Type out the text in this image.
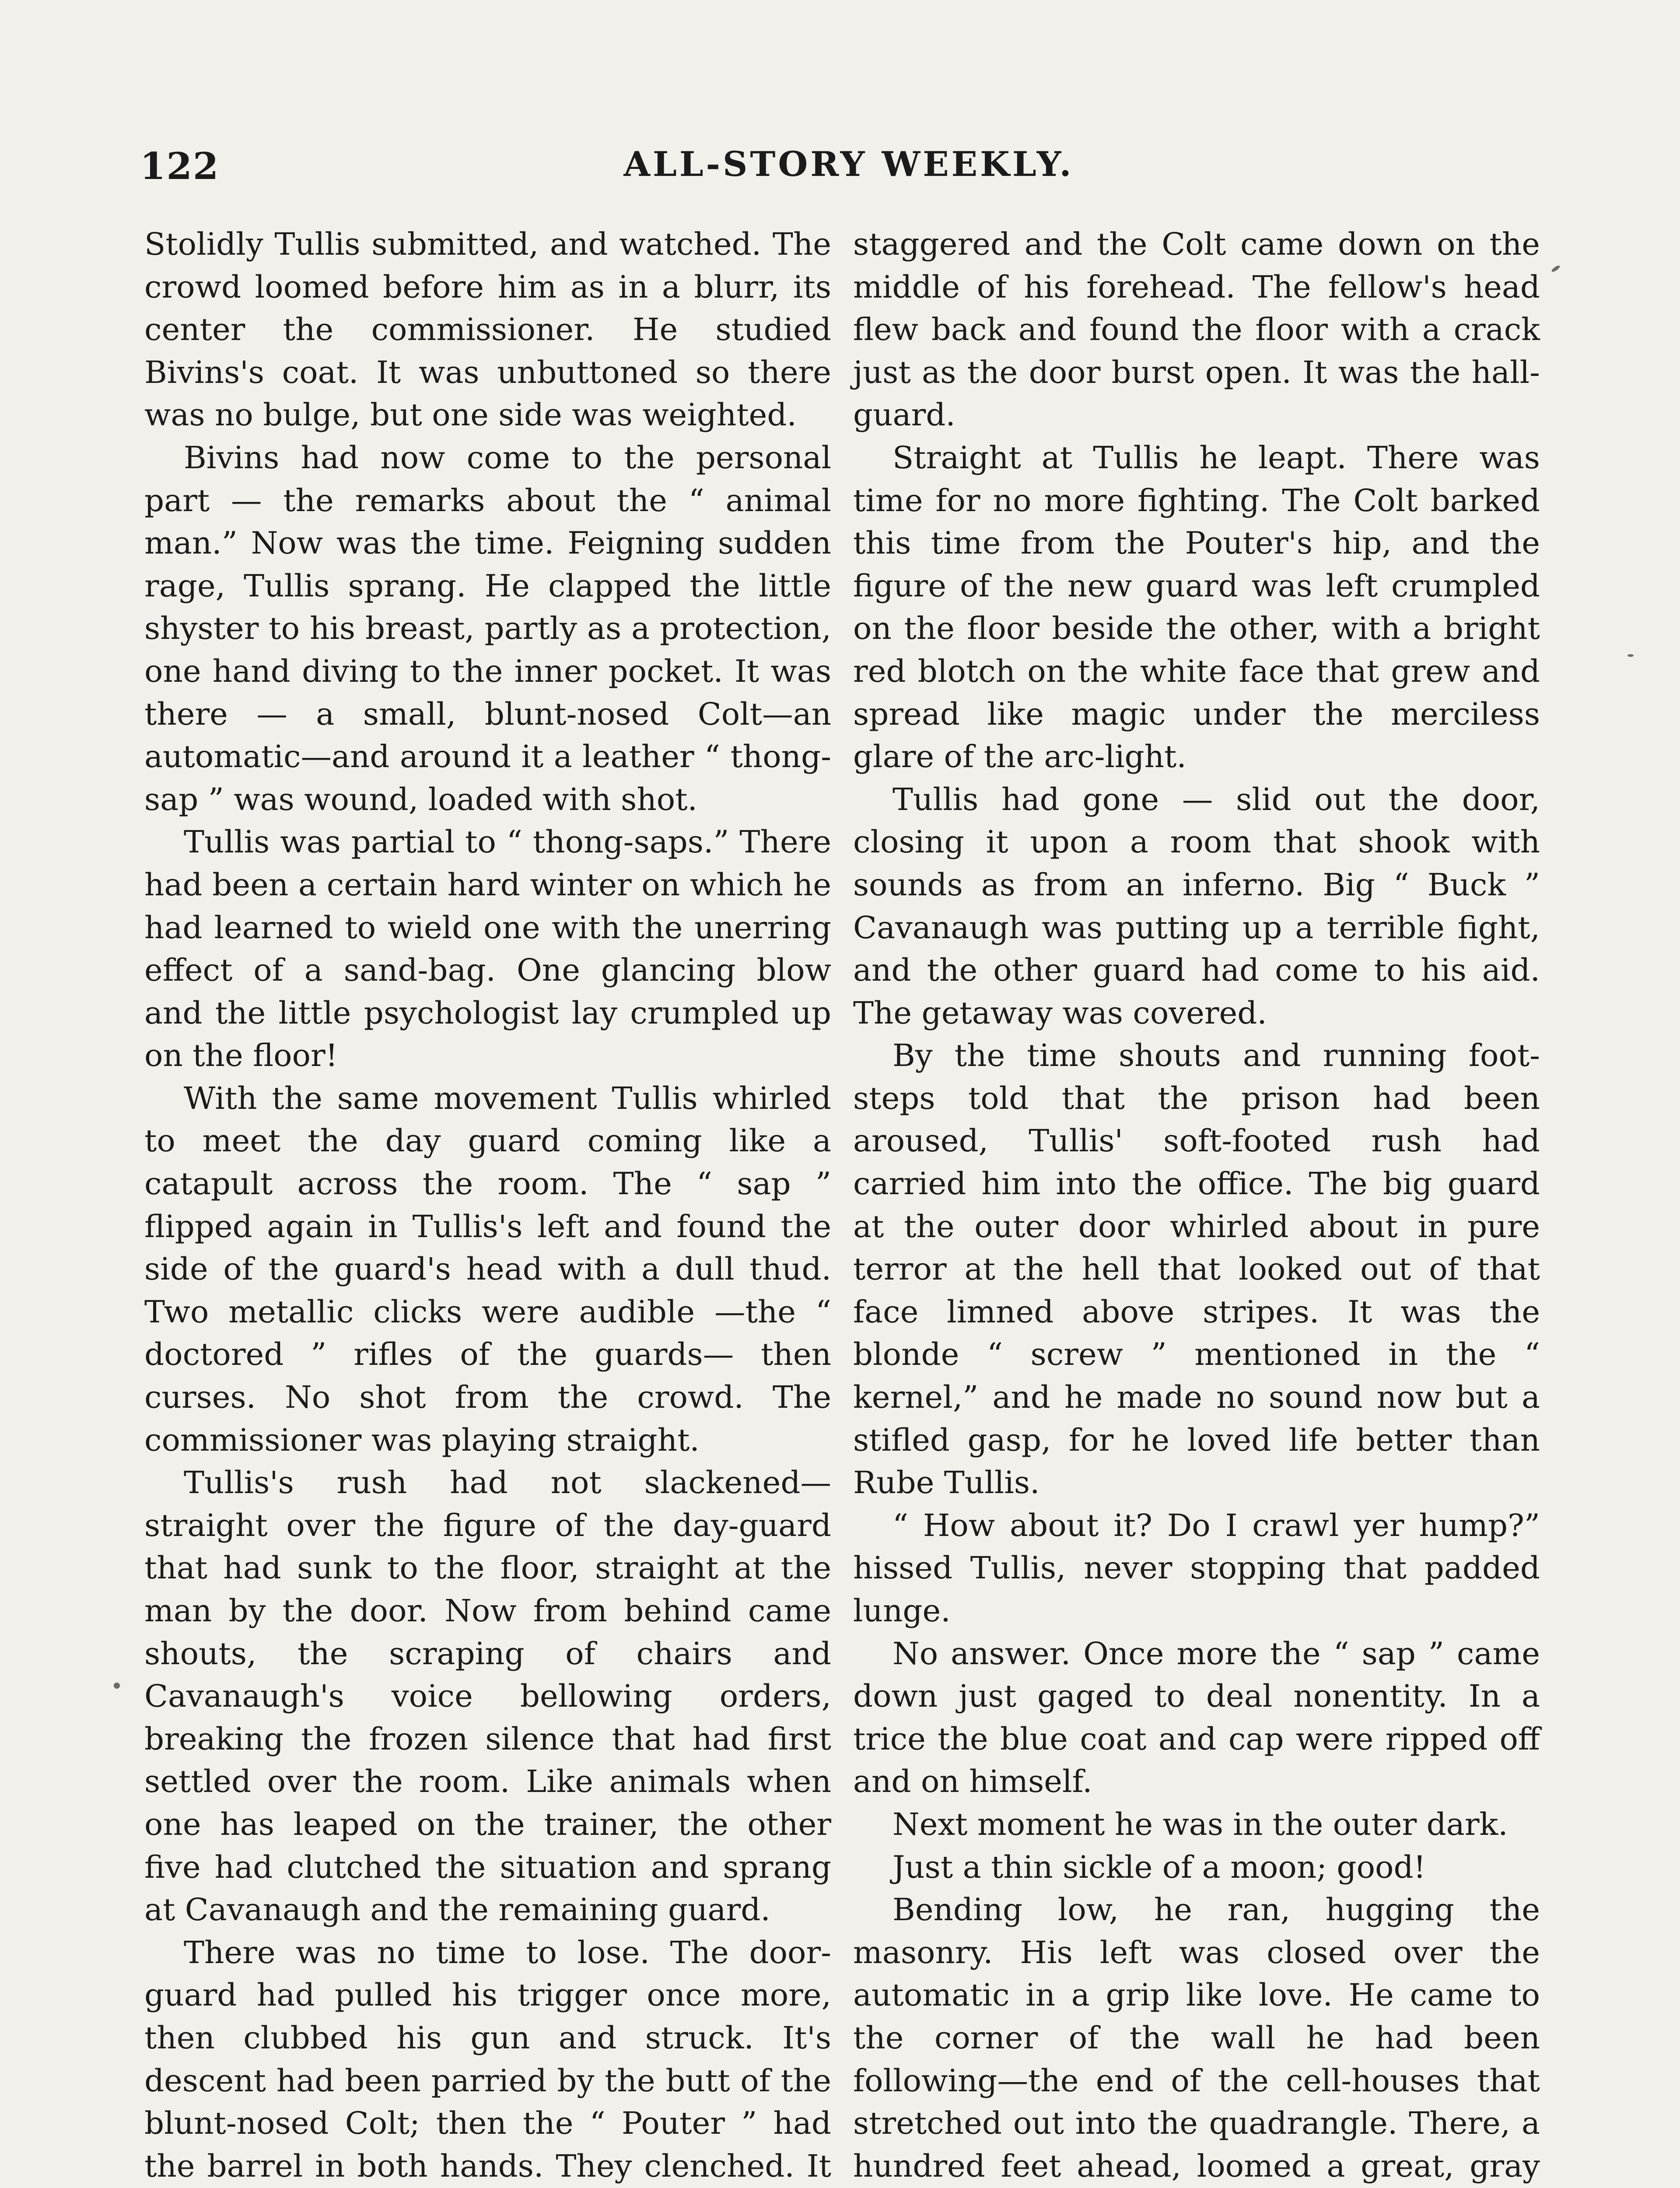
122	ALL-STORY WEEKLY.

Stolidly Tullis submitted, and watched. The crowd loomed before him as in a blurr, its center the commissioner. He studied Bivins's coat. It was unbuttoned so there was no bulge, but one side was weighted.

Bivins had now come to the personal part — the remarks about the “ animal man.” Now was the time. Feigning sudden rage, Tullis sprang. He clapped the little shyster to his breast, partly as a protection, one hand diving to the inner pocket. It was there — a small, blunt-nosed Colt—an automatic—and around it a leather “ thong-sap ” was wound, loaded with shot.

Tullis was partial to “ thong-saps.” There had been a certain hard winter on which he had learned to wield one with the unerring effect of a sand-bag. One glancing blow and the little psychologist lay crumpled up on the floor!

With the same movement Tullis whirled to meet the day guard coming like a catapult across the room. The “ sap ” flipped again in Tullis's left and found the side of the guard's head with a dull thud. Two metallic clicks were audible —the “ doctored ” rifles of the guards— then curses. No shot from the crowd. The commissioner was playing straight.

Tullis's rush had not slackened— straight over the figure of the day-guard that had sunk to the floor, straight at the man by the door. Now from behind came shouts, the scraping of chairs and Cavanaugh's voice bellowing orders, breaking the frozen silence that had first settled over the room. Like animals when one has leaped on the trainer, the other five had clutched the situation and sprang at Cavanaugh and the remaining guard.

There was no time to lose. The door-guard had pulled his trigger once more, then clubbed his gun and struck. It's descent had been parried by the butt of the blunt-nosed Colt; then the “ Pouter ” had the barrel in both hands. They clenched. It

staggered and the Colt came down on the middle of his forehead. The fellow's head flew back and found the floor with a crack just as the door burst open. It was the hall-guard.

Straight at Tullis he leapt. There was time for no more fighting. The Colt barked this time from the Pouter's hip, and the figure of the new guard was left crumpled on the floor beside the other, with a bright red blotch on the white face that grew and spread like magic under the merciless glare of the arc-light.

Tullis had gone — slid out the door, closing it upon a room that shook with sounds as from an inferno. Big “ Buck ” Cavanaugh was putting up a terrible fight, and the other guard had come to his aid. The getaway was covered.

By the time shouts and running foot-steps told that the prison had been aroused, Tullis' soft-footed rush had carried him into the office. The big guard at the outer door whirled about in pure terror at the hell that looked out of that face limned above stripes. It was the blonde “ screw ” mentioned in the “ kernel,” and he made no sound now but a stifled gasp, for he loved life better than Rube Tullis.

“ How about it? Do I crawl yer hump?” hissed Tullis, never stopping that padded lunge.

No answer. Once more the “ sap ” came down just gaged to deal nonentity. In a trice the blue coat and cap were ripped off and on himself.

Next moment he was in the outer dark.

Just a thin sickle of a moon; good!

Bending low, he ran, hugging the masonry. His left was closed over the automatic in a grip like love. He came to the corner of the wall he had been following—the end of the cell-houses that stretched out into the quadrangle. There, a hundred feet ahead, loomed a great, gray
